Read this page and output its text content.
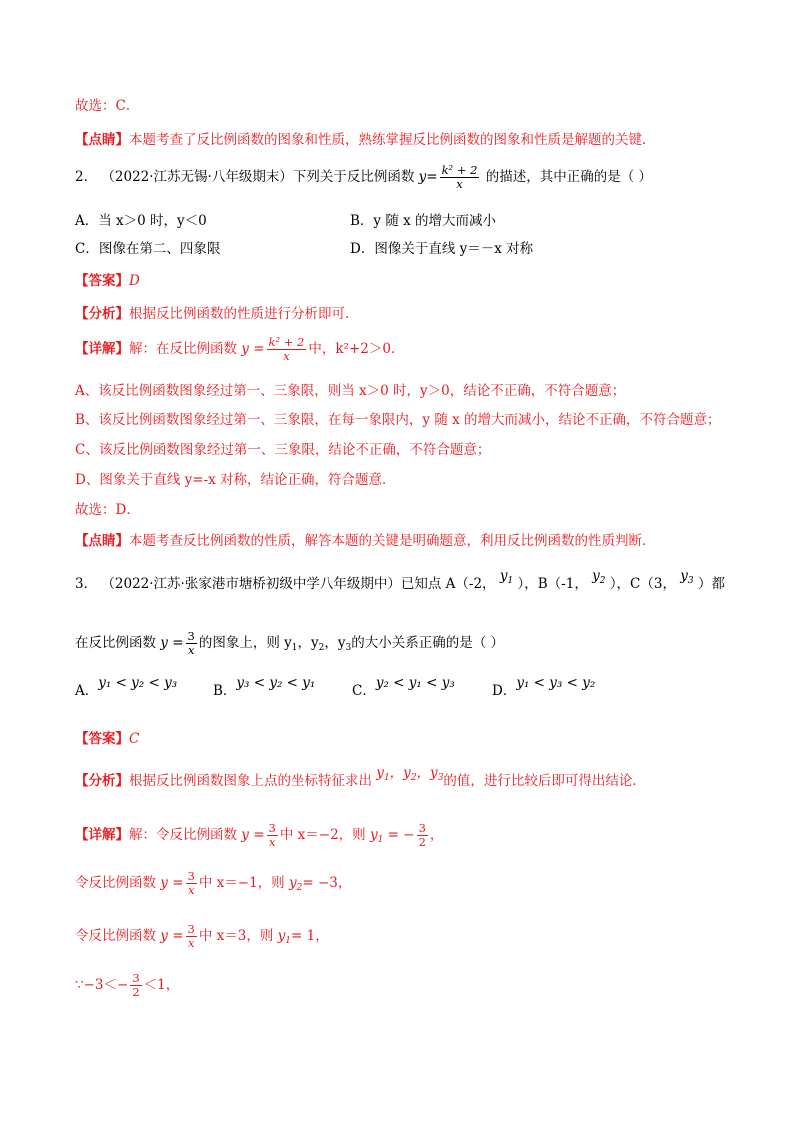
故选：C．
【点睛】本题考查了反比例函数的图象和性质，熟练掌握反比例函数的图象和性质是解题的关键．
2． （2022·江苏无锡·八年级期末）下列关于反比例函数 $y= \frac{\text{k² + 2}}{x}$ 的描述，其中正确的是（ ）
A．当 x＞0 时，y＜0	B．y 随 x 的增大而减小
C．图像在第二、四象限	D．图像关于直线 y＝－x 对称
【答案】D
【分析】根据反比例函数的性质进行分析即可．
【详解】解：在反比例函数 $y = \frac{\text{k² + 2}}{x}$ 中，k²+2＞0．
A、该反比例函数图象经过第一、三象限，则当 x＞0 时，y＞0，结论不正确，不符合题意；
B、该反比例函数图象经过第一、三象限，在每一象限内，y 随 x 的增大而减小，结论不正确，不符合题意；
C、该反比例函数图象经过第一、三象限，结论不正确，不符合题意；
D、图象关于直线 y=-x 对称，结论正确，符合题意．
故选：D．
【点睛】本题考查反比例函数的性质，解答本题的关键是明确题意，利用反比例函数的性质判断．
3． （2022·江苏·张家港市塘桥初级中学八年级期中）已知点 A（-2， $y_1$ ），B（-1， $y_2$ ），C（3， $y_3$ ）都
在反比例函数 $y = \frac{3}{x}$ 的图象上，则 $y_1$，$y_2$，$y_3$的大小关系正确的是（ ）
A．y₁ < y₂ < y₃	B．y₃ < y₂ < y₁	C．y₂ < y₁ < y₃	D．y₁ < y₃ < y₂
【答案】C
【分析】根据反比例函数图象上点的坐标特征求出 $y_1$，$y_2$，$y_3$的值，进行比较后即可得出结论．
【详解】解：令反比例函数 $y = \frac{3}{x}$ 中 x＝−2，则 $y_1$ = − $\frac{3}{2}$ ，
令反比例函数 $y = \frac{3}{x}$ 中 x＝−1，则 $y_2= -3$，
令反比例函数 $y = \frac{3}{x}$ 中 x＝3，则 $y_1= 1$，
∵−3＜− $\frac{3}{2} <1$，
